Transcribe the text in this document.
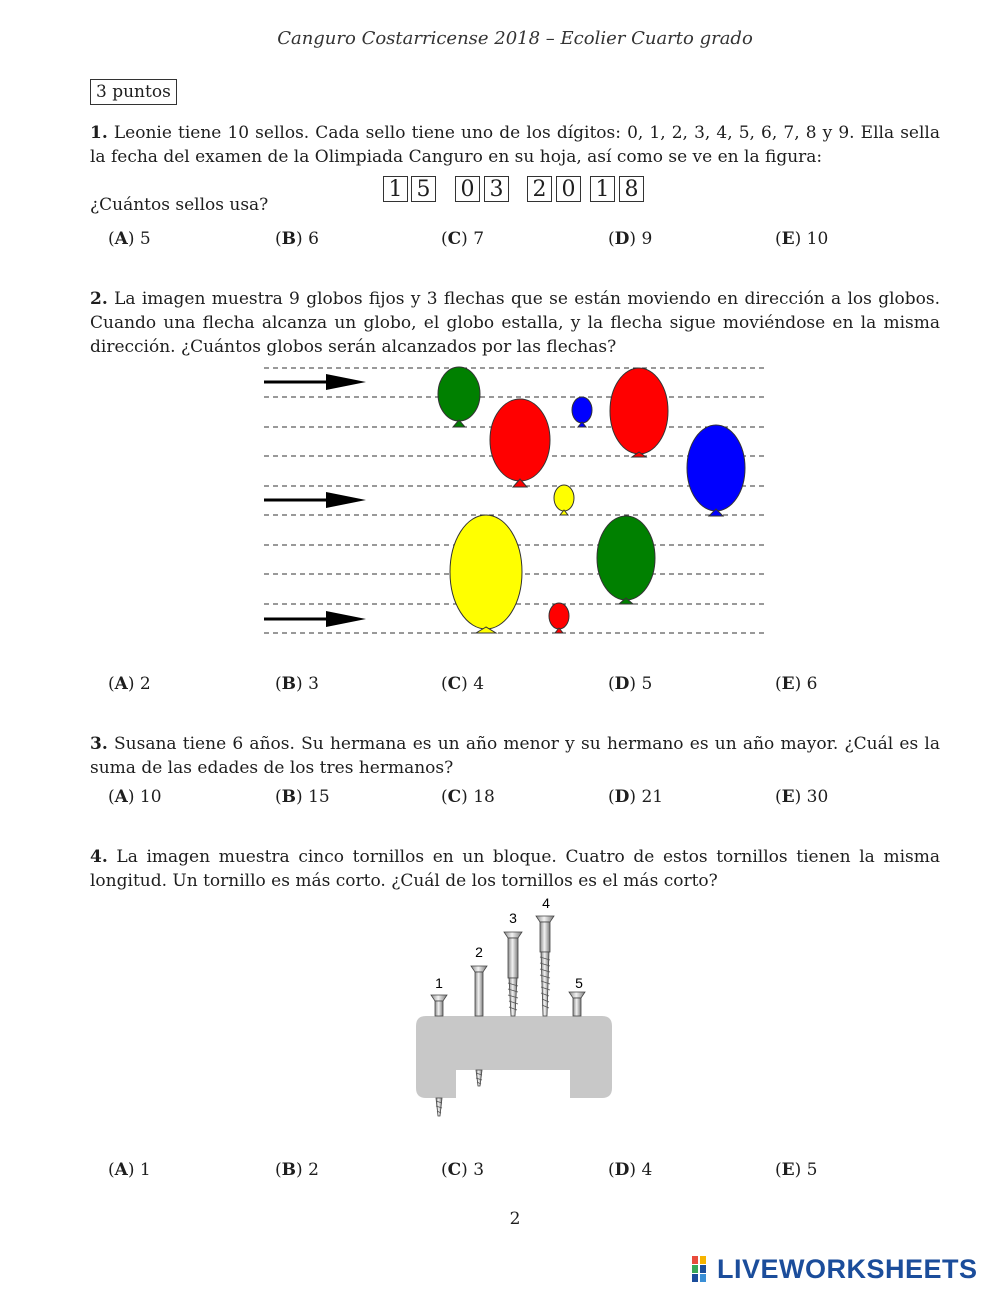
Canguro Costarricense 2018 – Ecolier Cuarto grado
3 puntos
1. Leonie tiene 10 sellos. Cada sello tiene uno de los dígitos: 0, 1, 2, 3, 4, 5, 6, 7, 8 y 9. Ella sella la fecha del examen de la Olimpiada Canguro en su hoja, así como se ve en la figura:
1 5 0 3 2 0 1 8
¿Cuántos sellos usa?
(A) 5	(B) 6	(C) 7	(D) 9	(E) 10
2. La imagen muestra 9 globos fijos y 3 flechas que se están moviendo en dirección a los globos. Cuando una flecha alcanza un globo, el globo estalla, y la flecha sigue moviéndose en la misma dirección. ¿Cuántos globos serán alcanzados por las flechas?
(A) 2	(B) 3	(C) 4	(D) 5	(E) 6
3. Susana tiene 6 años. Su hermana es un año menor y su hermano es un año mayor. ¿Cuál es la suma de las edades de los tres hermanos?
(A) 10	(B) 15	(C) 18	(D) 21	(E) 30
4. La imagen muestra cinco tornillos en un bloque. Cuatro de estos tornillos tienen la misma longitud. Un tornillo es más corto. ¿Cuál de los tornillos es el más corto?
1
2
3
4
5
(A) 1	(B) 2	(C) 3	(D) 4	(E) 5
2
LIVEWORKSHEETS
